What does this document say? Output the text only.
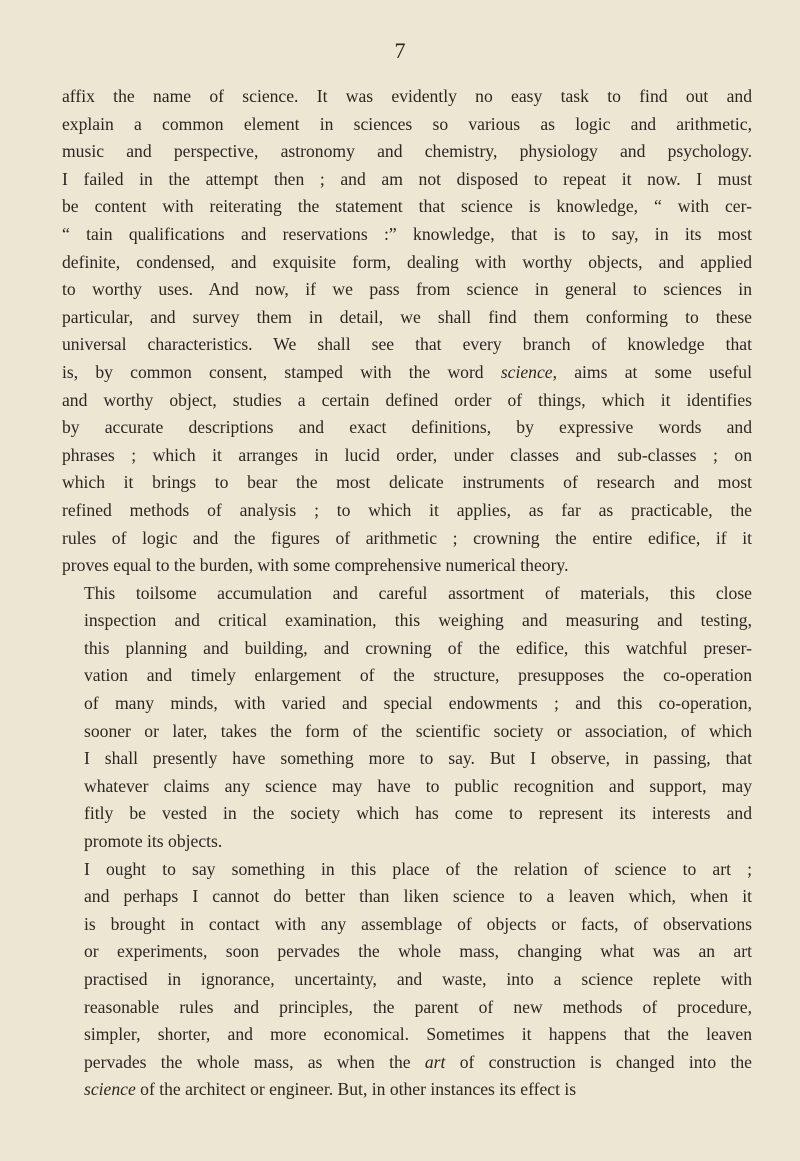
7

affix the name of science. It was evidently no easy task to find out and
explain a common element in sciences so various as logic and arithmetic,
music and perspective, astronomy and chemistry, physiology and psychology.
I failed in the attempt then ; and am not disposed to repeat it now. I must
be content with reiterating the statement that science is knowledge, “ with cer-
“ tain qualifications and reservations :” knowledge, that is to say, in its most
definite, condensed, and exquisite form, dealing with worthy objects, and applied
to worthy uses. And now, if we pass from science in general to sciences in
particular, and survey them in detail, we shall find them conforming to these
universal characteristics. We shall see that every branch of knowledge that
is, by common consent, stamped with the word science, aims at some useful
and worthy object, studies a certain defined order of things, which it identifies
by accurate descriptions and exact definitions, by expressive words and
phrases ; which it arranges in lucid order, under classes and sub-classes ; on
which it brings to bear the most delicate instruments of research and most
refined methods of analysis ; to which it applies, as far as practicable, the
rules of logic and the figures of arithmetic ; crowning the entire edifice, if it
proves equal to the burden, with some comprehensive numerical theory.

This toilsome accumulation and careful assortment of materials, this close
inspection and critical examination, this weighing and measuring and testing,
this planning and building, and crowning of the edifice, this watchful preser-
vation and timely enlargement of the structure, presupposes the co-operation
of many minds, with varied and special endowments ; and this co-operation,
sooner or later, takes the form of the scientific society or association, of which
I shall presently have something more to say. But I observe, in passing, that
whatever claims any science may have to public recognition and support, may
fitly be vested in the society which has come to represent its interests and
promote its objects.

I ought to say something in this place of the relation of science to art ;
and perhaps I cannot do better than liken science to a leaven which, when it
is brought in contact with any assemblage of objects or facts, of observations
or experiments, soon pervades the whole mass, changing what was an art
practised in ignorance, uncertainty, and waste, into a science replete with
reasonable rules and principles, the parent of new methods of procedure,
simpler, shorter, and more economical. Sometimes it happens that the leaven
pervades the whole mass, as when the art of construction is changed into the
science of the architect or engineer. But, in other instances its effect is
